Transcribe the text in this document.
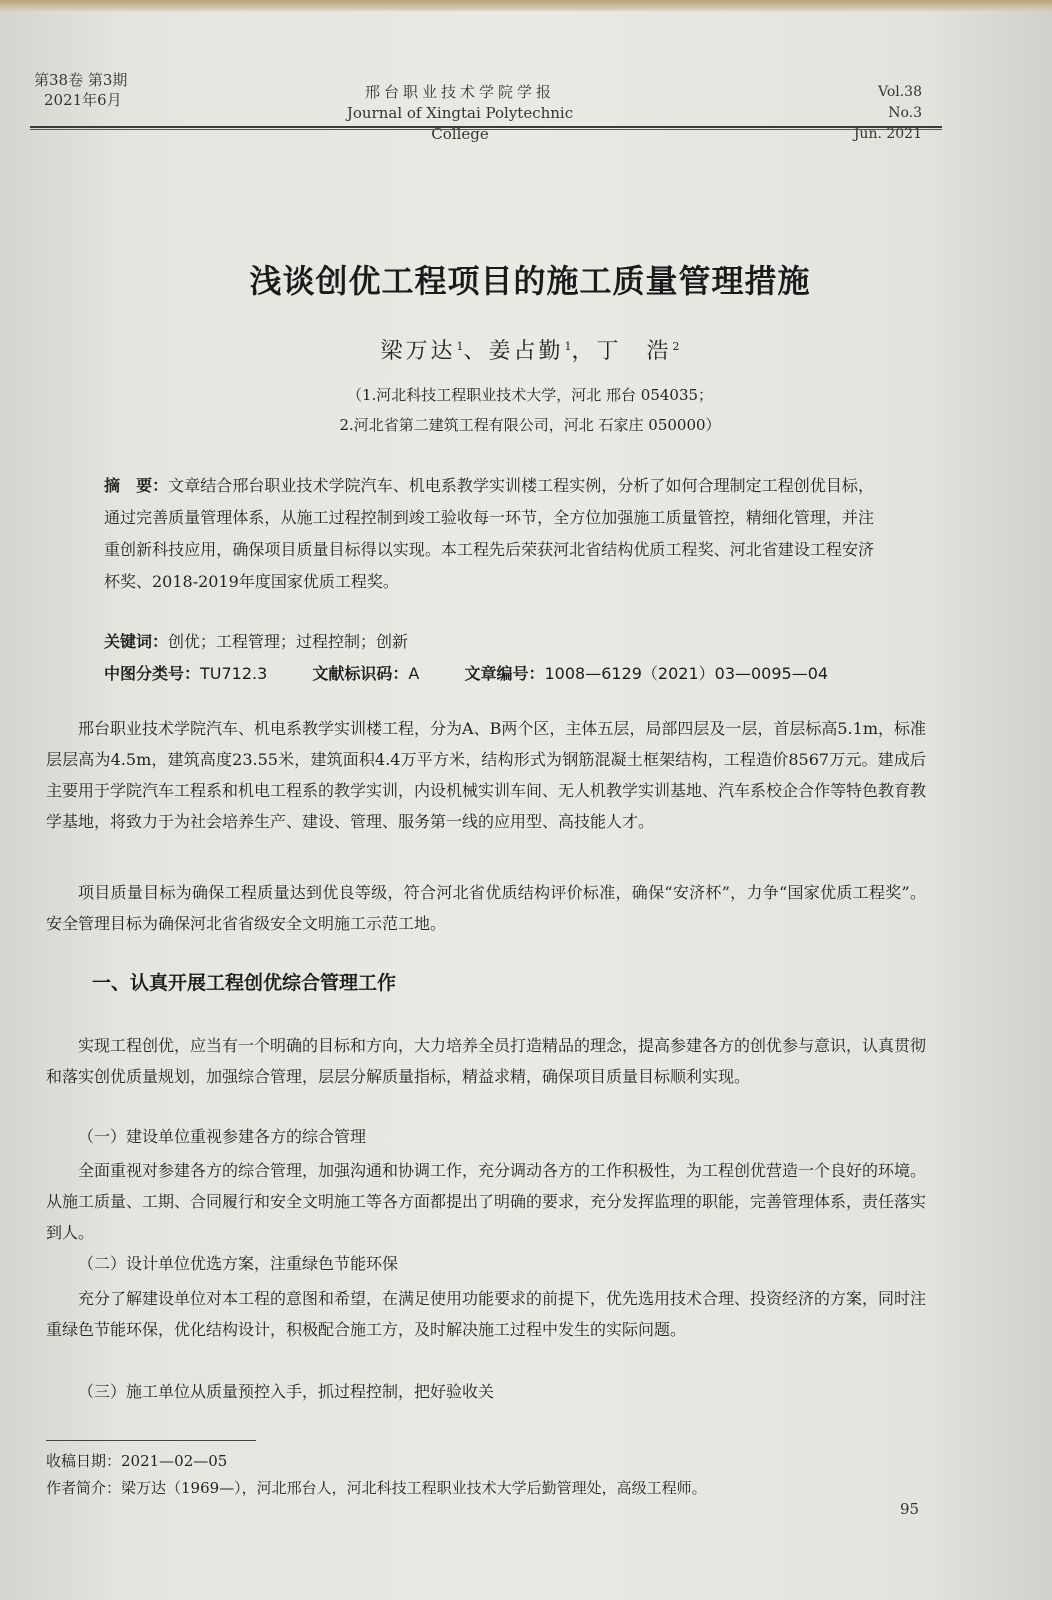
第38卷 第3期
2021年6月	邢台职业技术学院学报
Journal of Xingtai Polytechnic College
Vol.38 No.3
Jun. 2021
浅谈创优工程项目的施工质量管理措施
梁万达$^1$、姜占勤$^1$，丁　浩$^2$
（1.河北科技工程职业技术大学，河北 邢台 054035；
2.河北省第二建筑工程有限公司，河北 石家庄 050000）
摘　要：文章结合邢台职业技术学院汽车、机电系教学实训楼工程实例，分析了如何合理制定工程创优目标，通过完善质量管理体系，从施工过程控制到竣工验收每一环节，全方位加强施工质量管控，精细化管理，并注重创新科技应用，确保项目质量目标得以实现。本工程先后荣获河北省结构优质工程奖、河北省建设工程安济杯奖、2018-2019年度国家优质工程奖。
关键词：创优；工程管理；过程控制；创新
中图分类号：TU712.3	文献标识码：A	文章编号：1008—6129（2021）03—0095—04
邢台职业技术学院汽车、机电系教学实训楼工程，分为A、B两个区，主体五层，局部四层及一层，首层标高5.1m，标准层层高为4.5m，建筑高度23.55米，建筑面积4.4万平方米，结构形式为钢筋混凝土框架结构，工程造价8567万元。建成后主要用于学院汽车工程系和机电工程系的教学实训，内设机械实训车间、无人机教学实训基地、汽车系校企合作等特色教育教学基地，将致力于为社会培养生产、建设、管理、服务第一线的应用型、高技能人才。
项目质量目标为确保工程质量达到优良等级，符合河北省优质结构评价标准，确保“安济杯”，力争“国家优质工程奖”。安全管理目标为确保河北省省级安全文明施工示范工地。
一、认真开展工程创优综合管理工作
实现工程创优，应当有一个明确的目标和方向，大力培养全员打造精品的理念，提高参建各方的创优参与意识，认真贯彻和落实创优质量规划，加强综合管理，层层分解质量指标，精益求精，确保项目质量目标顺利实现。
（一）建设单位重视参建各方的综合管理
全面重视对参建各方的综合管理，加强沟通和协调工作，充分调动各方的工作积极性，为工程创优营造一个良好的环境。从施工质量、工期、合同履行和安全文明施工等各方面都提出了明确的要求，充分发挥监理的职能，完善管理体系，责任落实到人。
（二）设计单位优选方案，注重绿色节能环保
充分了解建设单位对本工程的意图和希望，在满足使用功能要求的前提下，优先选用技术合理、投资经济的方案，同时注重绿色节能环保，优化结构设计，积极配合施工方，及时解决施工过程中发生的实际问题。
（三）施工单位从质量预控入手，抓过程控制，把好验收关
收稿日期：2021—02—05
作者简介：梁万达（1969—），河北邢台人，河北科技工程职业技术大学后勤管理处，高级工程师。
95
